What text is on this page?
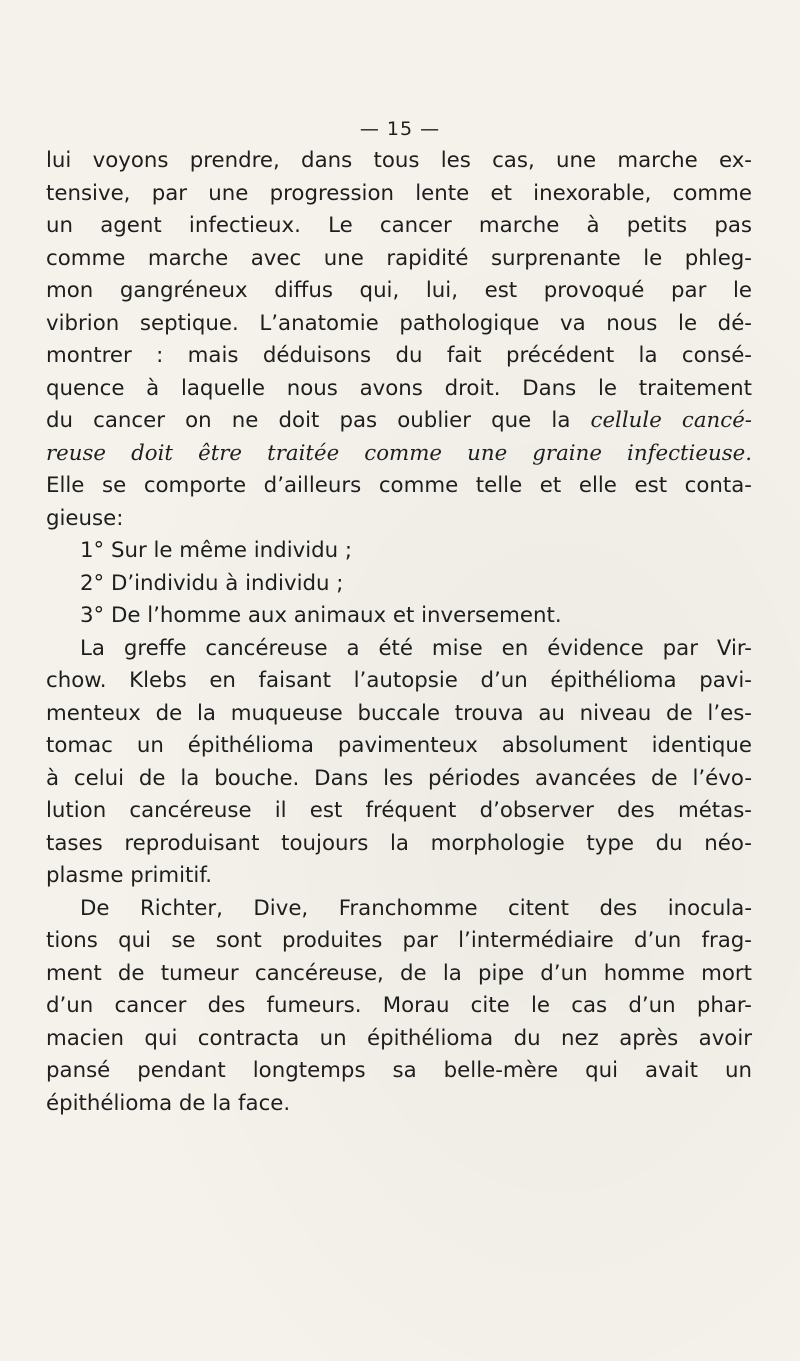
— 15 —
lui voyons prendre, dans tous les cas, une marche ex-
tensive, par une progression lente et inexorable, comme
un agent infectieux. Le cancer marche à petits pas
comme marche avec une rapidité surprenante le phleg-
mon gangréneux diffus qui, lui, est provoqué par le
vibrion septique. L’anatomie pathologique va nous le dé-
montrer : mais déduisons du fait précédent la consé-
quence à laquelle nous avons droit. Dans le traitement
du cancer on ne doit pas oublier que la cellule cancé-
reuse doit être traitée comme une graine infectieuse.
Elle se comporte d’ailleurs comme telle et elle est conta-
gieuse:
1° Sur le même individu ;
2° D’individu à individu ;
3° De l’homme aux animaux et inversement.
La greffe cancéreuse a été mise en évidence par Vir-
chow. Klebs en faisant l’autopsie d’un épithélioma pavi-
menteux de la muqueuse buccale trouva au niveau de l’es-
tomac un épithélioma pavimenteux absolument identique
à celui de la bouche. Dans les périodes avancées de l’évo-
lution cancéreuse il est fréquent d’observer des métas-
tases reproduisant toujours la morphologie type du néo-
plasme primitif.
De Richter, Dive, Franchomme citent des inocula-
tions qui se sont produites par l’intermédiaire d’un frag-
ment de tumeur cancéreuse, de la pipe d’un homme mort
d’un cancer des fumeurs. Morau cite le cas d’un phar-
macien qui contracta un épithélioma du nez après avoir
pansé pendant longtemps sa belle-mère qui avait un
épithélioma de la face.
